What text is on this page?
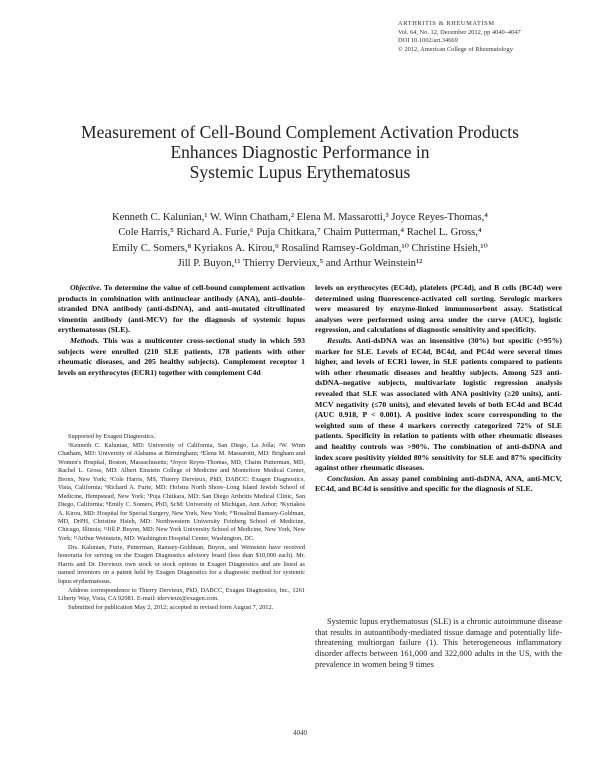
ARTHRITIS & RHEUMATISM
Vol. 64, No. 12, December 2012, pp 4040–4047
DOI 10.1002/art.34669
© 2012, American College of Rheumatology
Measurement of Cell-Bound Complement Activation Products
Enhances Diagnostic Performance in
Systemic Lupus Erythematosus
Kenneth C. Kalunian,¹ W. Winn Chatham,² Elena M. Massarotti,³ Joyce Reyes-Thomas,⁴
Cole Harris,⁵ Richard A. Furie,⁶ Puja Chitkara,⁷ Chaim Putterman,⁴ Rachel L. Gross,⁴
Emily C. Somers,⁸ Kyriakos A. Kirou,⁹ Rosalind Ramsey-Goldman,¹⁰ Christine Hsieh,¹⁰
Jill P. Buyon,¹¹ Thierry Dervieux,⁵ and Arthur Weinstein¹²

Objective. To determine the value of cell-bound complement activation products in combination with antinuclear antibody (ANA), anti–double-stranded DNA antibody (anti-dsDNA), and anti–mutated citrullinated vimentin antibody (anti-MCV) for the diagnosis of systemic lupus erythematosus (SLE).

Methods. This was a multicenter cross-sectional study in which 593 subjects were enrolled (210 SLE patients, 178 patients with other rheumatic diseases, and 205 healthy subjects). Complement receptor 1 levels on erythrocytes (ECR1) together with complement C4d

Supported by Exagen Diagnostics.

¹Kenneth C. Kalunian, MD: University of California, San Diego, La Jolla; ²W. Winn Chatham, MD: University of Alabama at Birmingham; ³Elena M. Massarotti, MD: Brigham and Women's Hospital, Boston, Massachusetts; ⁴Joyce Reyes-Thomas, MD, Chaim Putterman, MD, Rachel L. Gross, MD: Albert Einstein College of Medicine and Montefiore Medical Center, Bronx, New York; ⁵Cole Harris, MS, Thierry Dervieux, PhD, DABCC: Exagen Diagnostics, Vista, California; ⁶Richard A. Furie, MD: Hofstra North Shore–Long Island Jewish School of Medicine, Hempstead, New York; ⁷Puja Chitkara, MD: San Diego Arthritis Medical Clinic, San Diego, California; ⁸Emily C. Somers, PhD, ScM: University of Michigan, Ann Arbor; ⁹Kyriakos A. Kirou, MD: Hospital for Special Surgery, New York, New York; ¹⁰Rosalind Ramsey-Goldman, MD, DrPH, Christine Hsieh, MD: Northwestern University Feinberg School of Medicine, Chicago, Illinois; ¹¹Jill P. Buyon, MD: New York University School of Medicine, New York, New York; ¹²Arthur Weinstein, MD: Washington Hospital Center, Washington, DC.

Drs. Kalunian, Furie, Putterman, Ramsey-Goldman, Buyon, and Weinstein have received honoraria for serving on the Exagen Diagnostics advisory board (less than $10,000 each). Mr. Harris and Dr. Dervieux own stock or stock options in Exagen Diagnostics and are listed as named inventors on a patent held by Exagen Diagnostics for a diagnostic method for systemic lupus erythematosus.

Address correspondence to Thierry Dervieux, PhD, DABCC, Exagen Diagnostics, Inc., 1261 Liberty Way, Vista, CA 92081. E-mail: tdervieux@exagen.com.

Submitted for publication May 2, 2012; accepted in revised form August 7, 2012.

levels on erythrocytes (EC4d), platelets (PC4d), and B cells (BC4d) were determined using fluorescence-activated cell sorting. Serologic markers were measured by enzyme-linked immunosorbent assay. Statistical analyses were performed using area under the curve (AUC), logistic regression, and calculations of diagnostic sensitivity and specificity.

Results. Anti-dsDNA was an insensitive (30%) but specific (>95%) marker for SLE. Levels of EC4d, BC4d, and PC4d were several times higher, and levels of ECR1 lower, in SLE patients compared to patients with other rheumatic diseases and healthy subjects. Among 523 anti-dsDNA–negative subjects, multivariate logistic regression analysis revealed that SLE was associated with ANA positivity (≥20 units), anti-MCV negativity (≤70 units), and elevated levels of both EC4d and BC4d (AUC 0.918, P < 0.001). A positive index score corresponding to the weighted sum of these 4 markers correctly categorized 72% of SLE patients. Specificity in relation to patients with other rheumatic diseases and healthy controls was >90%. The combination of anti-dsDNA and index score positivity yielded 80% sensitivity for SLE and 87% specificity against other rheumatic diseases.

Conclusion. An assay panel combining anti-dsDNA, ANA, anti-MCV, EC4d, and BC4d is sensitive and specific for the diagnosis of SLE.

Systemic lupus erythematosus (SLE) is a chronic autoimmune disease that results in autoantibody-mediated tissue damage and potentially life-threatening multiorgan failure (1). This heterogeneous inflammatory disorder affects between 161,000 and 322,000 adults in the US, with the prevalence in women being 9 times

4040
